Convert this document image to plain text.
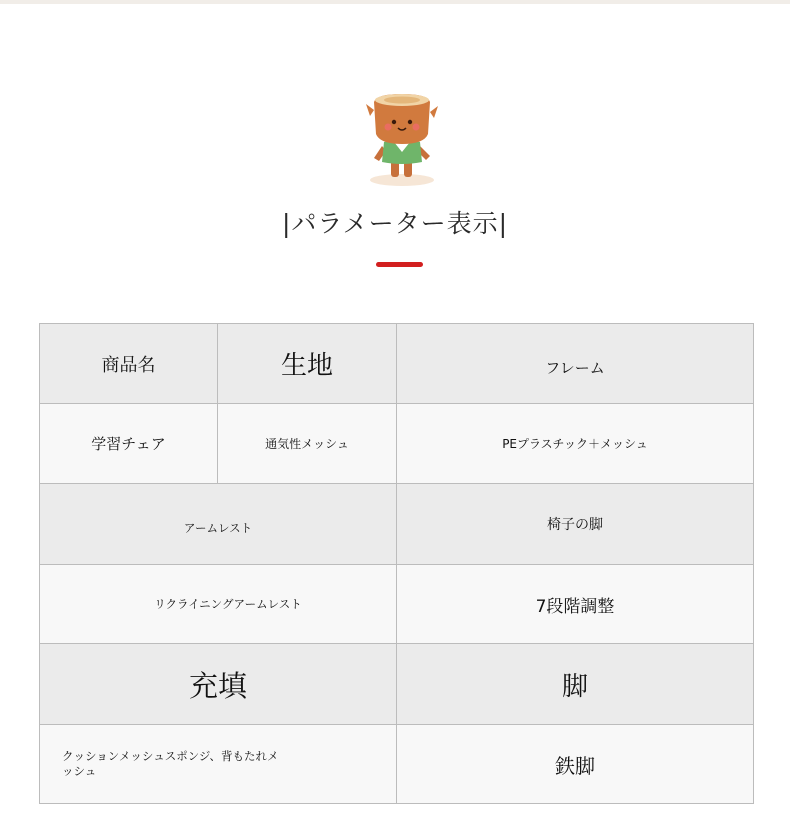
|パラメーター表示|
商品名	生地	フレーム
学習チェア	通気性メッシュ	PEプラスチック＋メッシュ
アームレスト		椅子の脚
リクライニングアームレスト		7段階調整
充填		脚
クッションメッシュスポンジ、背もたれメッシュ		鉄脚
